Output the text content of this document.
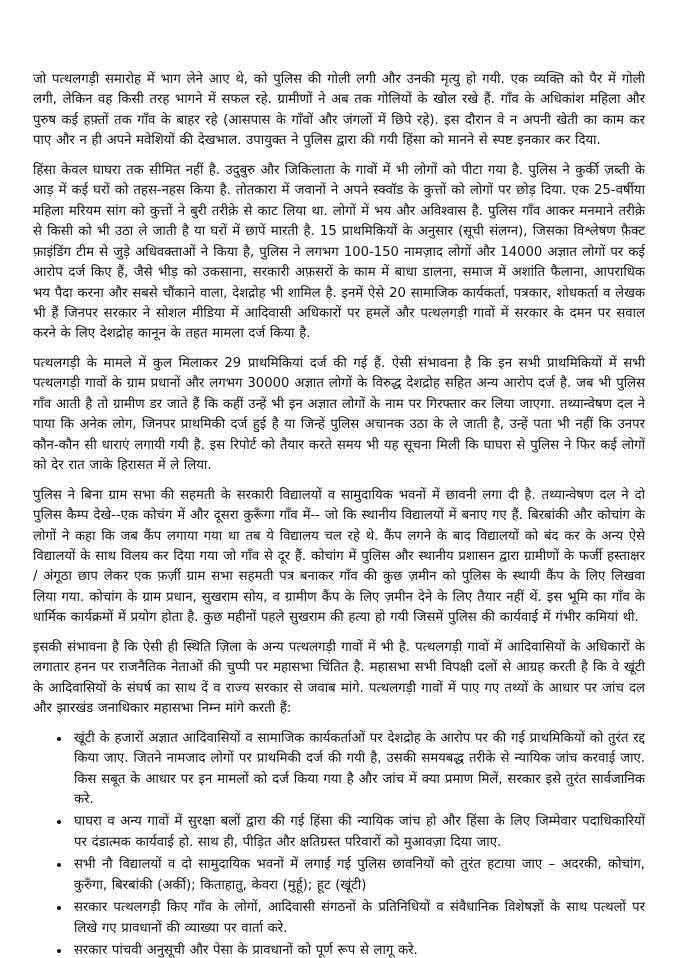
जो पत्थलगड़ी समारोह में भाग लेने आए थे, को पुलिस की गोली लगी और उनकी मृत्यु हो गयी. एक व्यक्ति को पैर में गोली लगी, लेकिन वह किसी तरह भागने में सफल रहे. ग्रामीणों ने अब तक गोलियों के खोल रखे हैं. गाँव के अधिकांश महिला और पुरुष कई हफ़्तों तक गाँव के बाहर रहे (आसपास के गाँवों और जंगलों में छिपे रहे). इस दौरान वे न अपनी खेती का काम कर पाए और न ही अपने मवेशियों की देखभाल. उपायुक्त ने पुलिस द्वारा की गयी हिंसा को मानने से स्पष्ट इनकार कर दिया.

हिंसा केवल घाघरा तक सीमित नहीं है. उदुबुरु और जिकिलाता के गावों में भी लोगों को पीटा गया है. पुलिस ने कुर्की ज़ब्ती के आड़ में कई घरों को तहस-नहस किया है. तोतकारा में जवानों ने अपने स्क्वॉड के कुत्तों को लोगों पर छोड़ दिया. एक 25-वर्षीया महिला मरियम सांग को कुत्तों ने बुरी तरीक़े से काट लिया था. लोगों में भय और अविश्वास है. पुलिस गाँव आकर मनमाने तरीक़े से किसी को भी उठा ले जाती है या घरों में छापें मारती है. 15 प्राथमिकियों के अनुसार (सूची संलग्न), जिसका विश्लेषण फ़ैक्ट फ़ाइंडिंग टीम से जुड़े अधिवक्ताओं ने किया है, पुलिस ने लगभग 100-150 नामज़ाद लोगों और 14000 अज्ञात लोगों पर कई आरोप दर्ज किए हैं, जैसे भीड़ को उकसाना, सरकारी अफ़सरों के काम में बाधा डालना, समाज में अशांति फैलाना, आपराधिक भय पैदा करना और सबसे चौंकाने वाला, देशद्रोह भी शामिल है. इनमें ऐसे 20 सामाजिक कार्यकर्ता, पत्रकार, शोधकर्ता व लेखक भी हैं जिनपर सरकार ने सोशल मीडिया में आदिवासी अधिकारों पर हमलें और पत्थलगड़ी गावों में सरकार के दमन पर सवाल करने के लिए देशद्रोह कानून के तहत मामला दर्ज किया है.

पत्थलगड़ी के मामले में कुल मिलाकर 29 प्राथमिकियां दर्ज की गई हैं. ऐसी संभावना है कि इन सभी प्राथमिकियों में सभी पत्थलगड़ी गावों के ग्राम प्रधानों और लगभग 30000 अज्ञात लोगों के विरुद्ध देशद्रोह सहित अन्य आरोप दर्ज है. जब भी पुलिस गाँव आती है तो ग्रामीण डर जाते हैं कि कहीं उन्हें भी इन अज्ञात लोगों के नाम पर गिरफ्तार कर लिया जाएगा. तथ्यान्वेषण दल ने पाया कि अनेक लोग, जिनपर प्राथमिकी दर्ज हुई है या जिन्हें पुलिस अचानक उठा के ले जाती है, उन्हें पता भी नहीं कि उनपर कौन-कौन सी धाराएं लगायी गयी है. इस रिपोर्ट को तैयार करते समय भी यह सूचना मिली कि घाघरा से पुलिस ने फिर कई लोगों को देर रात जाके हिरासत में ले लिया.

पुलिस ने बिना ग्राम सभा की सहमती के सरकारी विद्यालयों व सामुदायिक भवनों में छावनी लगा दी है. तथ्यान्वेषण दल ने दो पुलिस कैम्प देखे--एक कोचंग में और दूसरा कुरूँगा गाँव में-- जो कि स्थानीय विद्यालयों में बनाए गए हैं. बिरबांकी और कोचांग के लोगों ने कहा कि जब कैंप लगाया गया था तब ये विद्यालय चल रहे थे. कैंप लगने के बाद विद्यालयों को बंद कर के अन्य ऐसे विद्यालयों के साथ विलय कर दिया गया जो गाँव से दूर हैं. कोचांग में पुलिस और स्थानीय प्रशासन द्वारा ग्रामीणों के फर्जी हस्ताक्षर / अंगूठा छाप लेकर एक फ़र्ज़ी ग्राम सभा सहमती पत्र बनाकर गाँव की कुछ ज़मीन को पुलिस के स्थायी कैंप के लिए लिखवा लिया गया. कोचांग के ग्राम प्रधान, सुखराम सोय, व ग्रामीण कैंप के लिए ज़मीन देने के लिए तैयार नहीं थें. इस भूमि का गाँव के धार्मिक कार्यक्रमों में प्रयोग होता है. कुछ महीनों पहले सुखराम की हत्या हो गयी जिसमें पुलिस की कार्यवाई में गंभीर कमियां थी.

इसकी संभावना है कि ऐसी ही स्थिति ज़िला के अन्य पत्थलगड़ी गावों में भी है. पत्थलगड़ी गावों में आदिवासियों के अधिकारों के लगातार हनन पर राजनैतिक नेताओं की चुप्पी पर महासभा चिंतित है. महासभा सभी विपक्षी दलों से आग्रह करती है कि वे खूंटी के आदिवासियों के संघर्ष का साथ दें व राज्य सरकार से जवाब मांगे. पत्थलगड़ी गावों में पाए गए तथ्यों के आधार पर जांच दल और झारखंड जनाधिकार महासभा निम्न मांगे करती हैं:

• खूंटी के हजारों अज्ञात आदिवासियों व सामाजिक कार्यकर्ताओं पर देशद्रोह के आरोप पर की गई प्राथमिकियों को तुरंत रद्द किया जाए. जितने नामजाद लोगों पर प्राथमिकी दर्ज की गयी है, उसकी समयबद्ध तरीके से न्यायिक जांच करवाई जाए. किस सबूत के आधार पर इन मामलों को दर्ज किया गया है और जांच में क्या प्रमाण मिलें, सरकार इसे तुरंत सार्वजानिक करे.
• घाघरा व अन्य गावों में सुरक्षा बलों द्वारा की गई हिंसा की न्यायिक जांच हो और हिंसा के लिए जिम्मेवार पदाधिकारियों पर दंडात्मक कार्यवाई हो. साथ ही, पीड़ित और क्षतिग्रस्त परिवारों को मुआवज़ा दिया जाए.
• सभी नौ विद्यालयों व दो सामुदायिक भवनों में लगाई गई पुलिस छावनियों को तुरंत हटाया जाए – अदरकी, कोचांग, कुरुँगा, बिरबांकी (अर्की); किताहातु, केवरा (मुर्हू); हूट (खूंटी)
• सरकार पत्थलगड़ी किए गाँव के लोगों, आदिवासी संगठनों के प्रतिनिधियों व संवैधानिक विशेषज्ञों के साथ पत्थलों पर लिखे गए प्रावधानों की व्याख्या पर वार्ता करे.
• सरकार पांचवी अनुसूची और पेसा के प्रावधानों को पूर्ण रूप से लागू करे.
